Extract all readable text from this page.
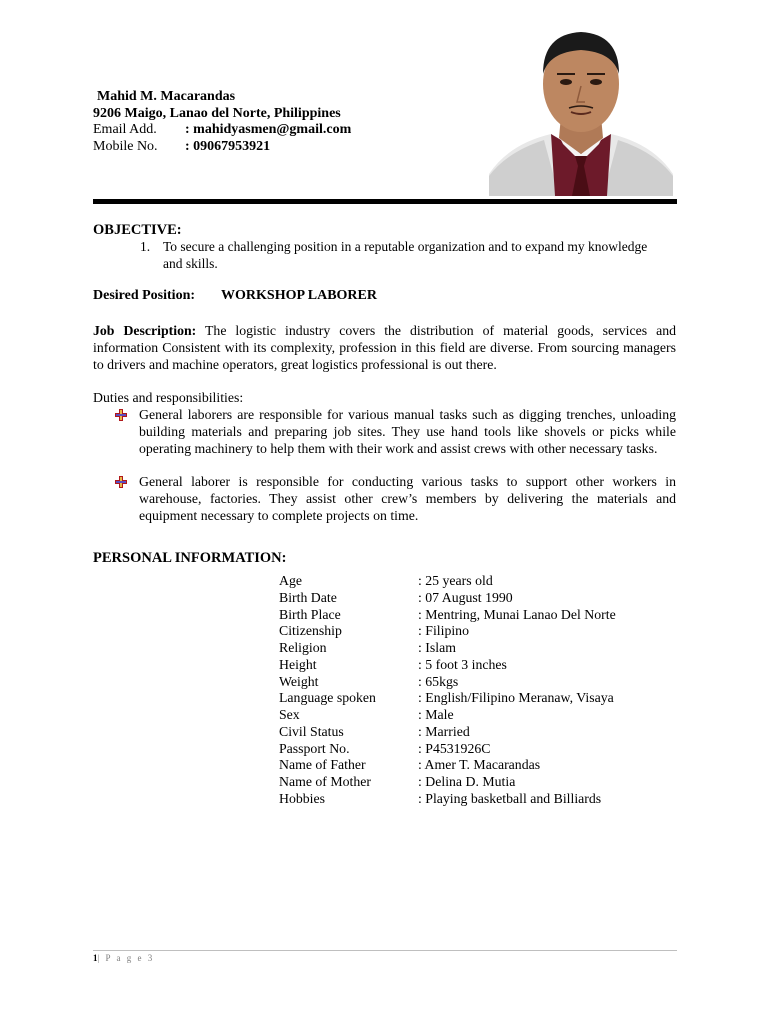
Mahid M. Macarandas
9206 Maigo, Lanao del Norte, Philippines
Email Add. : mahidyasmen@gmail.com
Mobile No. : 09067953921
OBJECTIVE:
1. To secure a challenging position in a reputable organization and to expand my knowledge and skills.
Desired Position: WORKSHOP LABORER
Job Description: The logistic industry covers the distribution of material goods, services and information Consistent with its complexity, profession in this field are diverse. From sourcing managers to drivers and machine operators, great logistics professional is out there.
Duties and responsibilities:
General laborers are responsible for various manual tasks such as digging trenches, unloading building materials and preparing job sites. They use hand tools like shovels or picks while operating machinery to help them with their work and assist crews with other necessary tasks.
General laborer is responsible for conducting various tasks to support other workers in warehouse, factories. They assist other crew’s members by delivering the materials and equipment necessary to complete projects on time.
PERSONAL INFORMATION:
Age	: 25 years old
Birth Date	: 07 August 1990
Birth Place	: Mentring, Munai Lanao Del Norte
Citizenship	: Filipino
Religion	: Islam
Height	: 5 foot 3 inches
Weight	: 65kgs
Language spoken	: English/Filipino Meranaw, Visaya
Sex	: Male
Civil Status	: Married
Passport No.	: P4531926C
Name of Father	: Amer T. Macarandas
Name of Mother	: Delina D. Mutia
Hobbies	: Playing basketball and Billiards
1| P a g e 3
